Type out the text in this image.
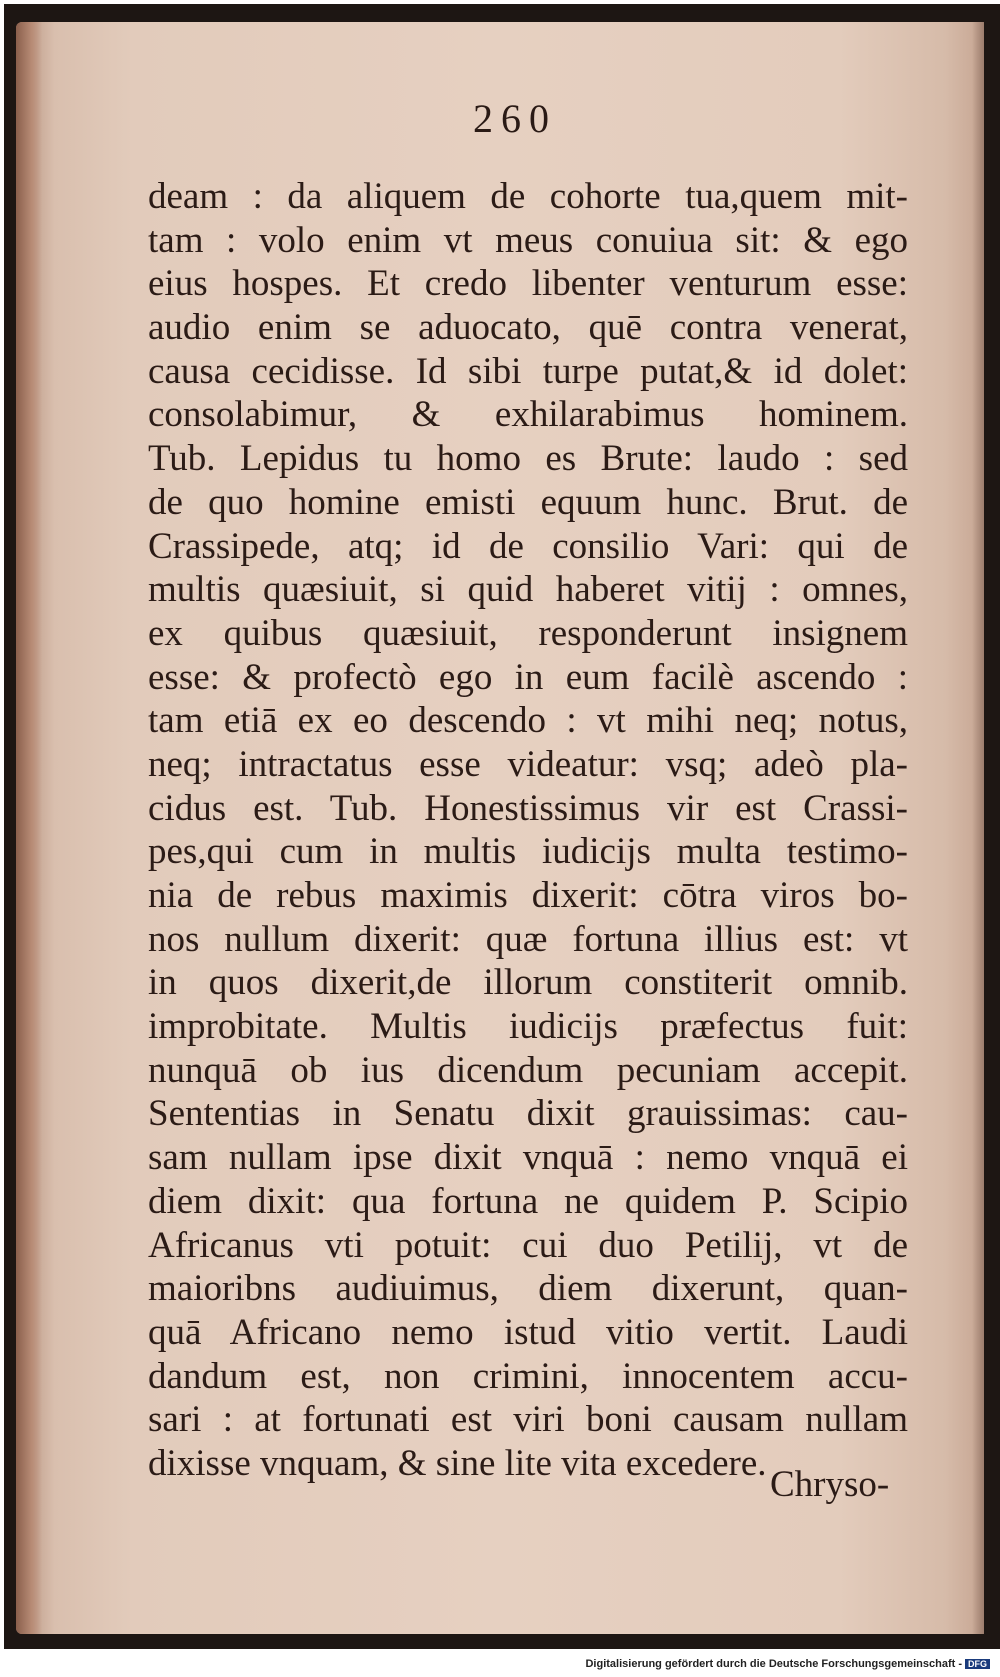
260
deam : da aliquem de cohorte tua,quem mit-
tam : volo enim vt meus conuiua sit: & ego
eius hospes. Et credo libenter venturum esse:
audio enim se aduocato, quē contra venerat,
causa cecidisse. Id sibi turpe putat,& id dolet:
consolabimur, & exhilarabimus hominem.
Tub. Lepidus tu homo es Brute: laudo : sed
de quo homine emisti equum hunc. Brut. de
Crassipede, atq; id de consilio Vari: qui de
multis quæsiuit, si quid haberet vitij : omnes,
ex quibus quæsiuit, responderunt insignem
esse: & profectò ego in eum facilè ascendo :
tam etiā ex eo descendo : vt mihi neq; notus,
neq; intractatus esse videatur: vsq; adeò pla-
cidus est. Tub. Honestissimus vir est Crassi-
pes,qui cum in multis iudicijs multa testimo-
nia de rebus maximis dixerit: cōtra viros bo-
nos nullum dixerit: quæ fortuna illius est: vt
in quos dixerit,de illorum constiterit omnib.
improbitate. Multis iudicijs præfectus fuit:
nunquā ob ius dicendum pecuniam accepit.
Sententias in Senatu dixit grauissimas: cau-
sam nullam ipse dixit vnquā : nemo vnquā ei
diem dixit: qua fortuna ne quidem P. Scipio
Africanus vti potuit: cui duo Petilij, vt de
maioribns audiuimus, diem dixerunt, quan-
quā Africano nemo istud vitio vertit. Laudi
dandum est, non crimini, innocentem accu-
sari : at fortunati est viri boni causam nullam
dixisse vnquam, & sine lite vita excedere.
Chryso-
Digitalisierung gefördert durch die Deutsche Forschungsgemeinschaft - DFG
